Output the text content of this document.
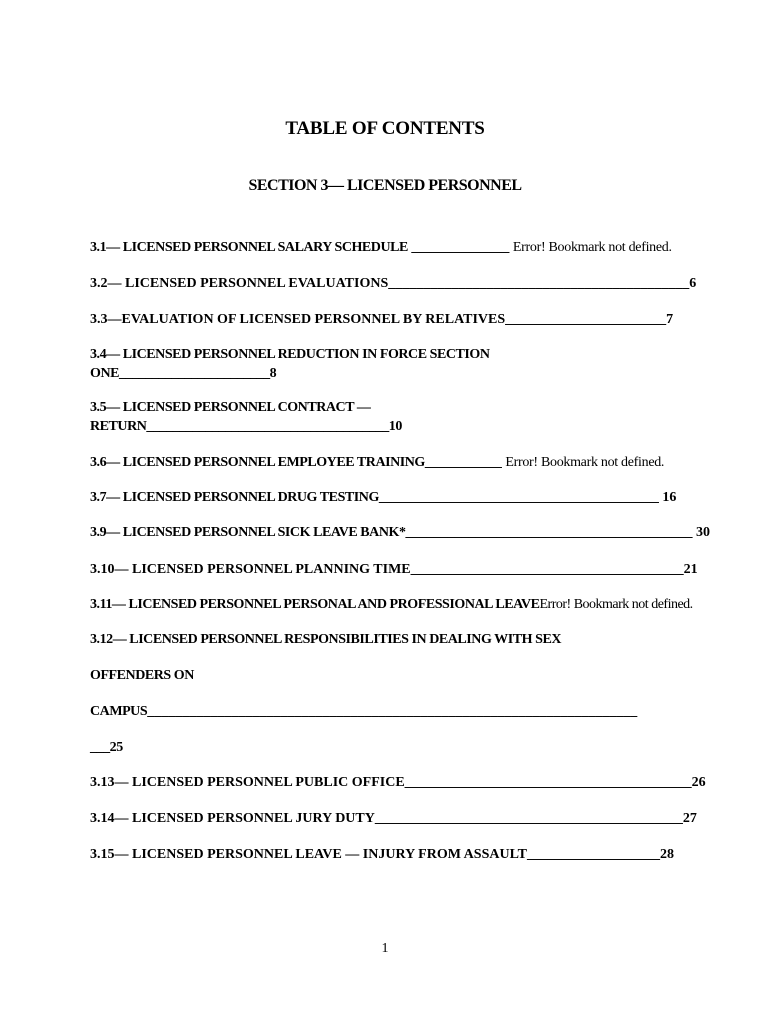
TABLE OF CONTENTS
SECTION 3— LICENSED PERSONNEL
3.1— LICENSED PERSONNEL SALARY SCHEDULE ______________ Error! Bookmark not defined.
3.2— LICENSED PERSONNEL EVALUATIONS___________________________________________6
3.3—EVALUATION OF LICENSED PERSONNEL BY RELATIVES_______________________7
3.4— LICENSED PERSONNEL REDUCTION IN FORCE SECTION
ONE_______________________8
3.5— LICENSED PERSONNEL CONTRACT —
RETURN_____________________________________10
3.6— LICENSED PERSONNEL EMPLOYEE TRAINING___________ Error! Bookmark not defined.
3.7— LICENSED PERSONNEL DRUG TESTING________________________________________ 16
3.9— LICENSED PERSONNEL SICK LEAVE BANK*_________________________________________ 30
3.10— LICENSED PERSONNEL PLANNING TIME_______________________________________21
3.11— LICENSED PERSONNEL PERSONAL AND PROFESSIONAL LEAVEError! Bookmark not defined.
3.12— LICENSED PERSONNEL RESPONSIBILITIES IN DEALING WITH SEX
OFFENDERS ON
CAMPUS______________________________________________________________________
___25
3.13— LICENSED PERSONNEL PUBLIC OFFICE_________________________________________26
3.14— LICENSED PERSONNEL JURY DUTY____________________________________________27
3.15— LICENSED PERSONNEL LEAVE — INJURY FROM ASSAULT___________________28
1
